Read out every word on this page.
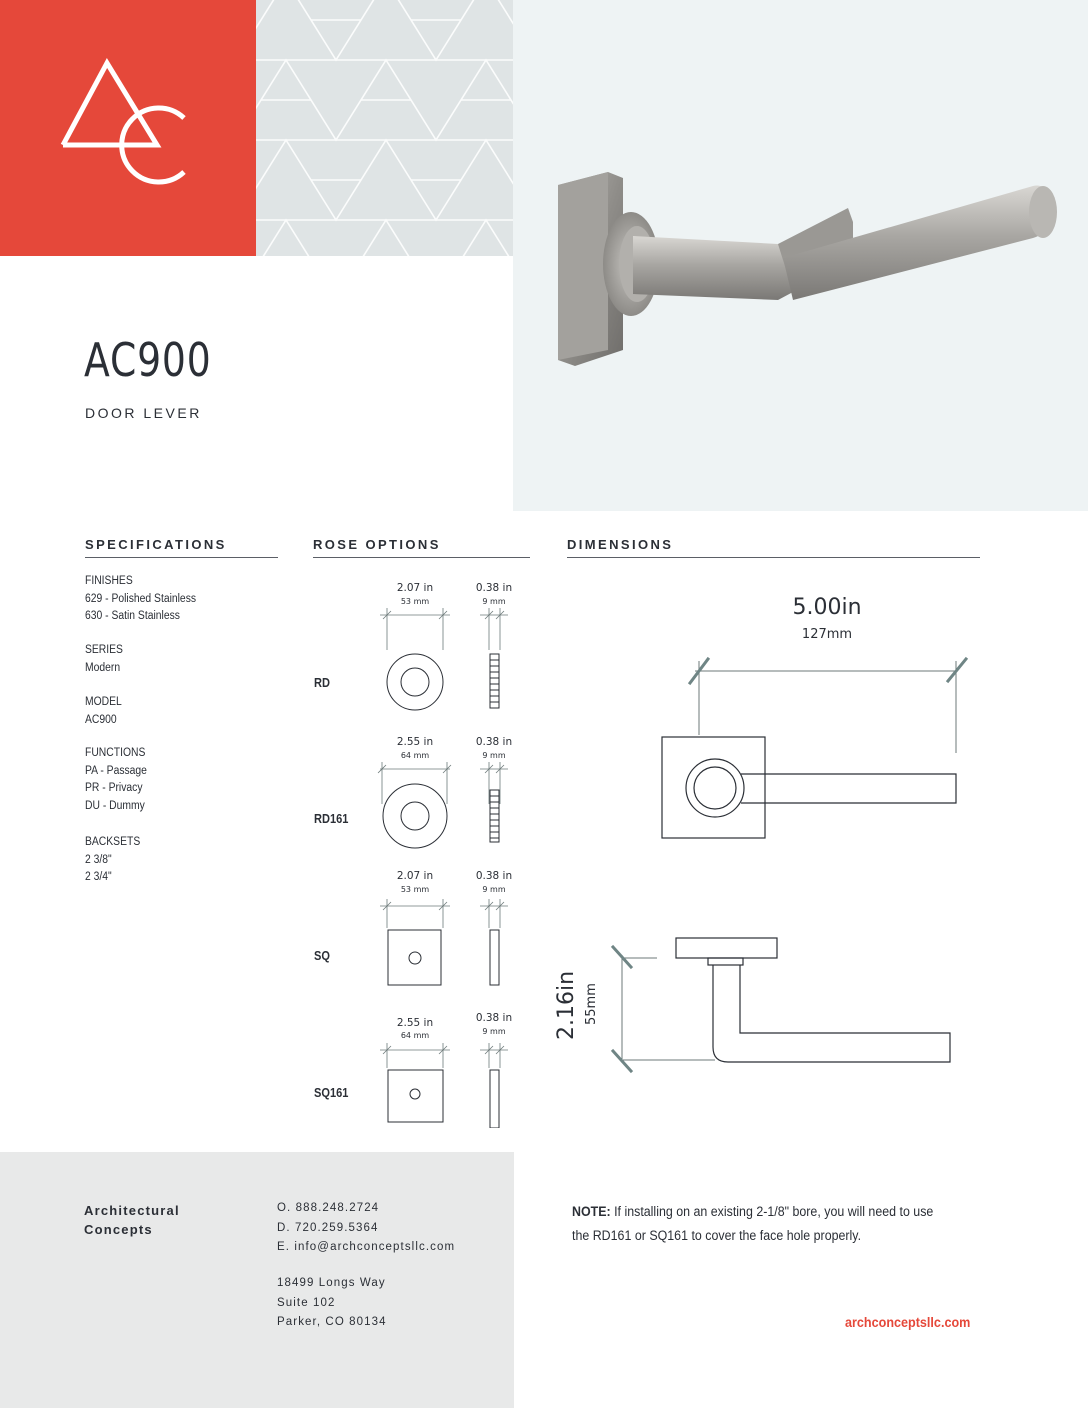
AC900
DOOR LEVER
SPECIFICATIONS	ROSE OPTIONS	DIMENSIONS
FINISHES
629 - Polished Stainless
630 - Satin Stainless
SERIES
Modern
MODEL
AC900
FUNCTIONS
PA - Passage
PR - Privacy
DU - Dummy
BACKSETS
2 3/8"
2 3/4"
RD
RD161
SQ
SQ161
2.07 in
53 mm
0.38 in
9 mm
2.55 in
64 mm
0.38 in
9 mm
2.07 in
53 mm
0.38 in
9 mm
2.55 in
64 mm
0.38 in
9 mm
5.00in
127mm
2.16in 55mm
Architectural
Concepts
O. 888.248.2724
D. 720.259.5364
E. info@archconceptsllc.com
18499 Longs Way
Suite 102
Parker, CO 80134
NOTE: If installing on an existing 2-1/8" bore, you will need to use the RD161 or SQ161 to cover the face hole properly.
archconceptsllc.com
